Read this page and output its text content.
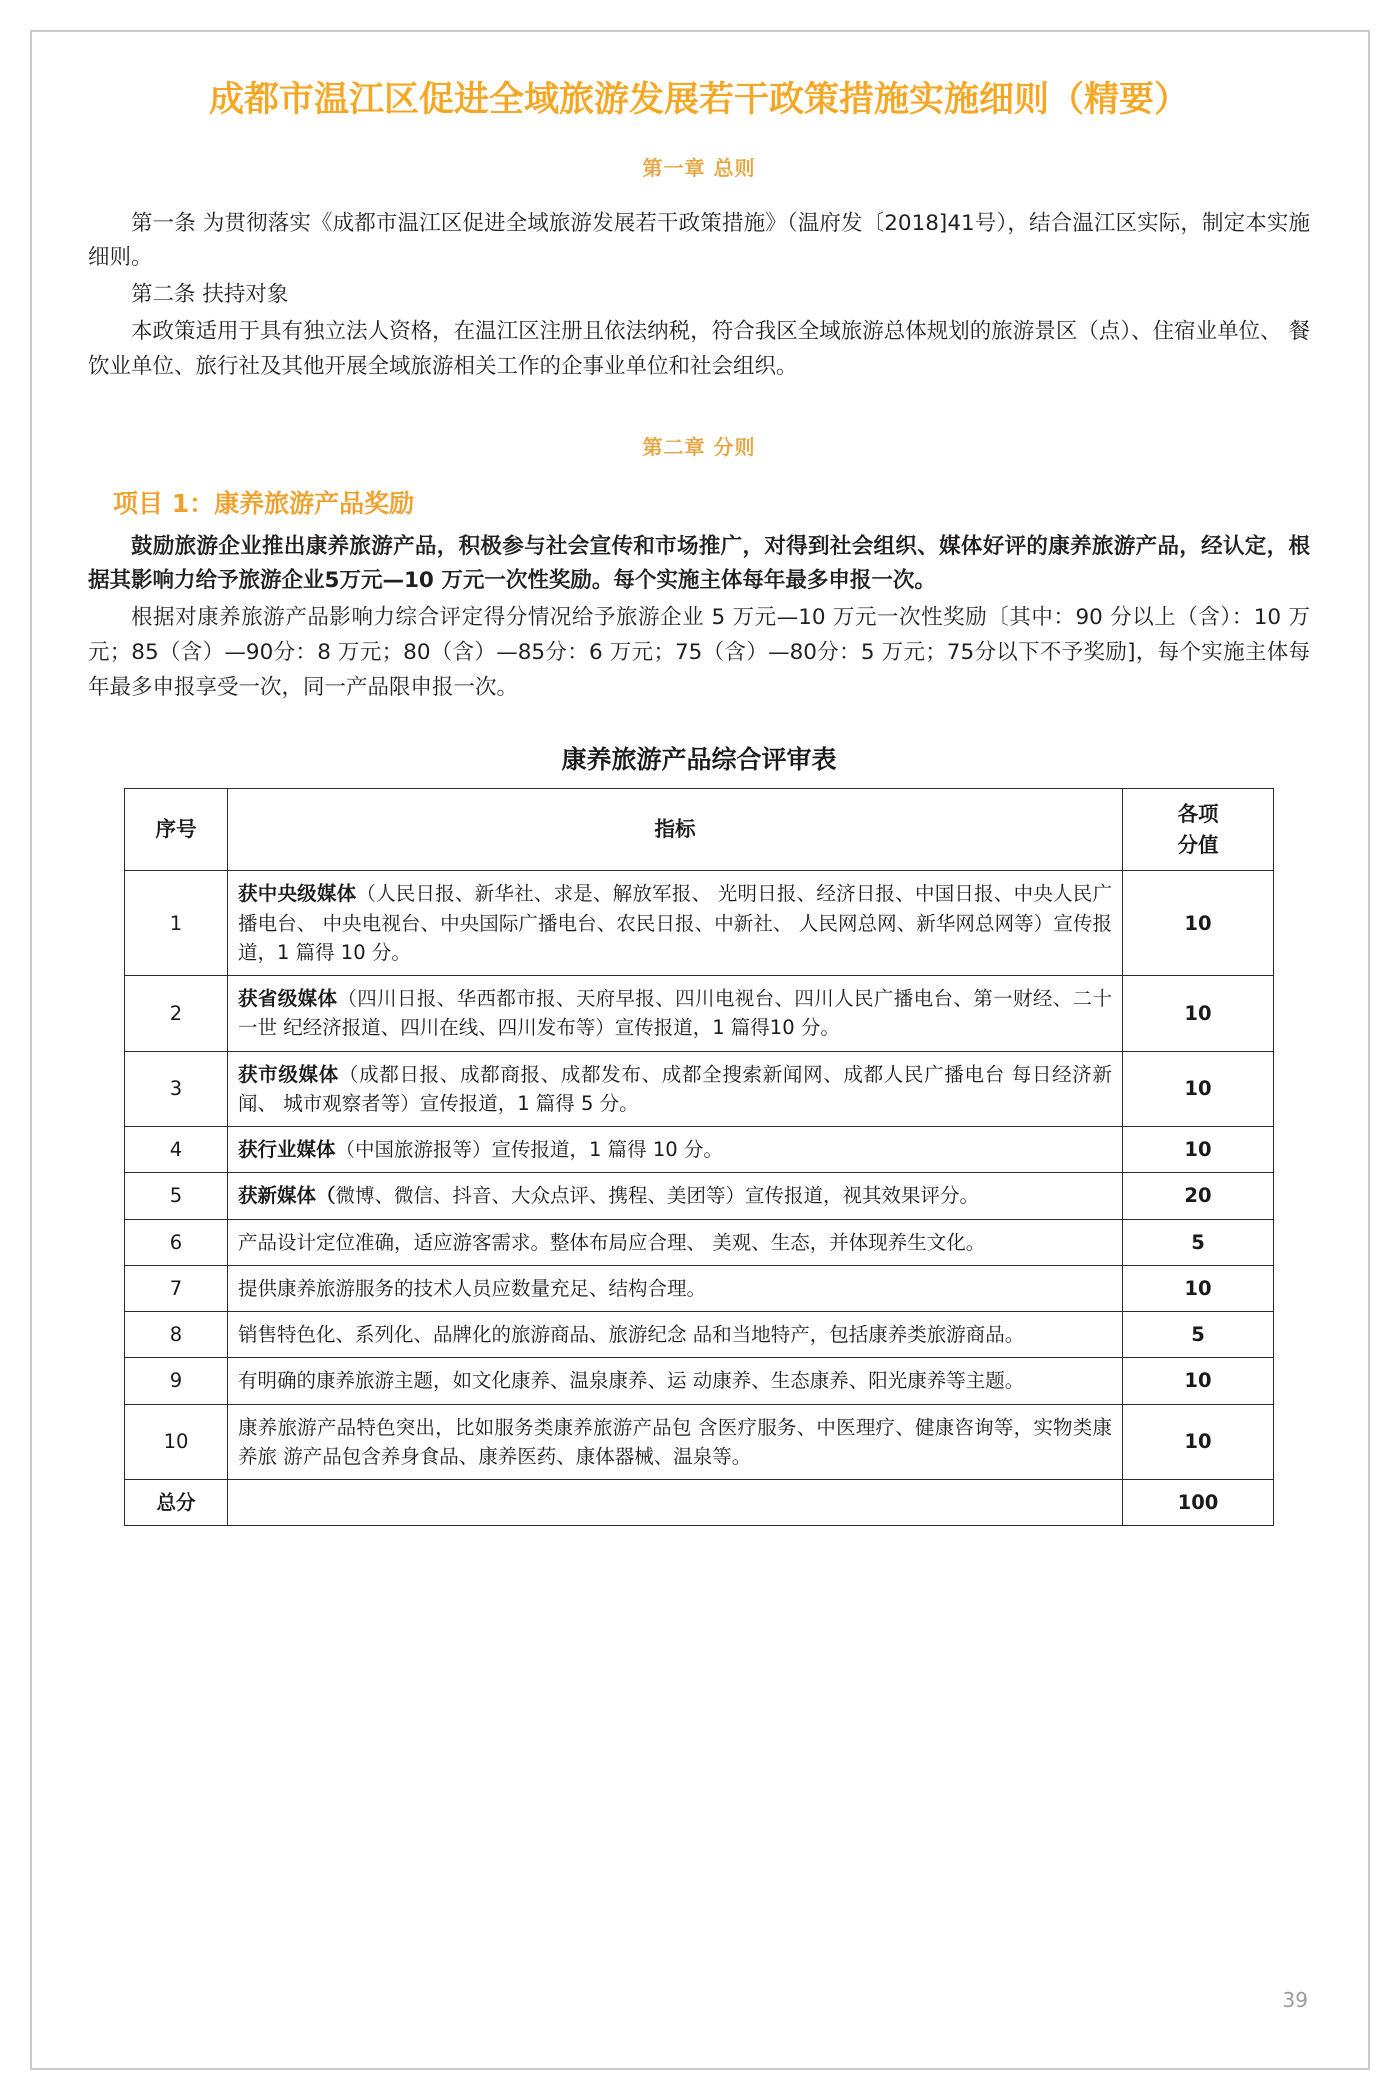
成都市温江区促进全域旅游发展若干政策措施实施细则（精要）
第一章 总则

第一条 为贯彻落实《成都市温江区促进全域旅游发展若干政策措施》（温府发〔2018]41号），结合温江区实际，制定本实施细则。

第二条 扶持对象

本政策适用于具有独立法人资格，在温江区注册且依法纳税，符合我区全域旅游总体规划的旅游景区（点）、住宿业单位、 餐饮业单位、旅行社及其他开展全域旅游相关工作的企事业单位和社会组织。

第二章 分则
项目 1：康养旅游产品奖励

鼓励旅游企业推出康养旅游产品，积极参与社会宣传和市场推广，对得到社会组织、媒体好评的康养旅游产品，经认定，根据其影响力给予旅游企业5万元—10 万元一次性奖励。每个实施主体每年最多申报一次。

根据对康养旅游产品影响力综合评定得分情况给予旅游企业 5 万元—10 万元一次性奖励〔其中：90 分以上（含）：10 万元；85（含）—90分：8 万元；80（含）—85分：6 万元；75（含）—80分：5 万元；75分以下不予奖励]，每个实施主体每年最多申报享受一次，同一产品限申报一次。

康养旅游产品综合评审表
序号	指标	各项
分值

1	获中央级媒体（人民日报、新华社、求是、解放军报、 光明日报、经济日报、中国日报、中央人民广播电台、 中央电视台、中央国际广播电台、农民日报、中新社、 人民网总网、新华网总网等）宣传报道，1 篇得 10 分。	10
2	获省级媒体（四川日报、华西都市报、天府早报、四川电视台、四川人民广播电台、第一财经、二十一世 纪经济报道、四川在线、四川发布等）宣传报道，1 篇得10 分。	10
3	获市级媒体（成都日报、成都商报、成都发布、成都全搜索新闻网、成都人民广播电台 每日经济新闻、 城市观察者等）宣传报道，1 篇得 5 分。	10
4	获行业媒体（中国旅游报等）宣传报道，1 篇得 10 分。	10
5	获新媒体（微博、微信、抖音、大众点评、携程、美团等）宣传报道，视其效果评分。	20
6	产品设计定位准确，适应游客需求。整体布局应合理、 美观、生态，并体现养生文化。	5
7	提供康养旅游服务的技术人员应数量充足、结构合理。	10
8	销售特色化、系列化、品牌化的旅游商品、旅游纪念 品和当地特产，包括康养类旅游商品。	5
9	有明确的康养旅游主题，如文化康养、温泉康养、运 动康养、生态康养、阳光康养等主题。	10
10	康养旅游产品特色突出，比如服务类康养旅游产品包 含医疗服务、中医理疗、健康咨询等，实物类康养旅 游产品包含养身食品、康养医药、康体器械、温泉等。	10
总分		100
39
